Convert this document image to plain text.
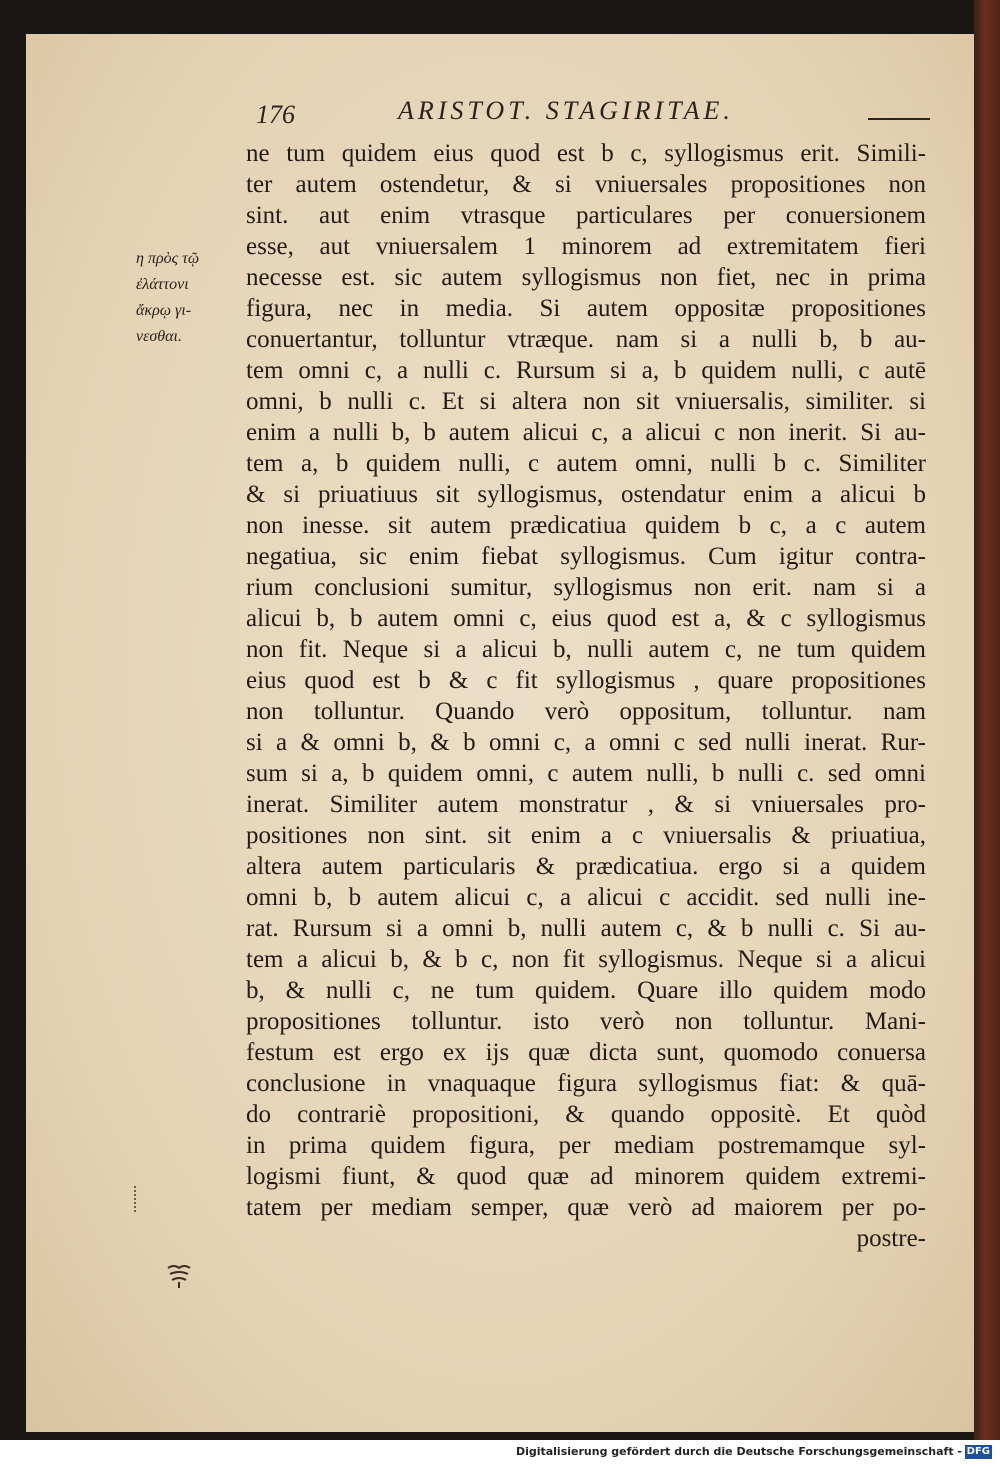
176	ARISTOT. STAGIRITAE.
η πρὸς τῷ
ἐλάττονι
ἄκρῳ γι-
νεσθαι.
ne tum quidem eius quod est b c, syllogismus erit. Simili-
ter autem ostendetur, & si vniuersales propositiones non
sint. aut enim vtrasque particulares per conuersionem
esse, aut vniuersalem 1 minorem ad extremitatem fieri
necesse est. sic autem syllogismus non fiet, nec in prima
figura, nec in media. Si autem oppositæ propositiones
conuertantur, tolluntur vtræque. nam si a nulli b, b au-
tem omni c, a nulli c. Rursum si a, b quidem nulli, c autē
omni, b nulli c. Et si altera non sit vniuersalis, similiter. si
enim a nulli b, b autem alicui c, a alicui c non inerit. Si au-
tem a, b quidem nulli, c autem omni, nulli b c. Similiter
& si priuatiuus sit syllogismus, ostendatur enim a alicui b
non inesse. sit autem prædicatiua quidem b c, a c autem
negatiua, sic enim fiebat syllogismus. Cum igitur contra-
rium conclusioni sumitur, syllogismus non erit. nam si a
alicui b, b autem omni c, eius quod est a, & c syllogismus
non fit. Neque si a alicui b, nulli autem c, ne tum quidem
eius quod est b & c fit syllogismus , quare propositiones
non tolluntur. Quando verò oppositum, tolluntur. nam
si a & omni b, & b omni c, a omni c sed nulli inerat. Rur-
sum si a, b quidem omni, c autem nulli, b nulli c. sed omni
inerat. Similiter autem monstratur , & si vniuersales pro-
positiones non sint. sit enim a c vniuersalis & priuatiua,
altera autem particularis & prædicatiua. ergo si a quidem
omni b, b autem alicui c, a alicui c accidit. sed nulli ine-
rat. Rursum si a omni b, nulli autem c, & b nulli c. Si au-
tem a alicui b, & b c, non fit syllogismus. Neque si a alicui
b, & nulli c, ne tum quidem. Quare illo quidem modo
propositiones tolluntur. isto verò non tolluntur. Mani-
festum est ergo ex ijs quæ dicta sunt, quomodo conuersa
conclusione in vnaquaque figura syllogismus fiat: & quā-
do contrariè propositioni, & quando oppositè. Et quòd
in prima quidem figura, per mediam postremamque syl-
logismi fiunt, & quod quæ ad minorem quidem extremi-
tatem per mediam semper, quæ verò ad maiorem per po-
postre-
Digitalisierung gefördert durch die Deutsche Forschungsgemeinschaft - DFG
